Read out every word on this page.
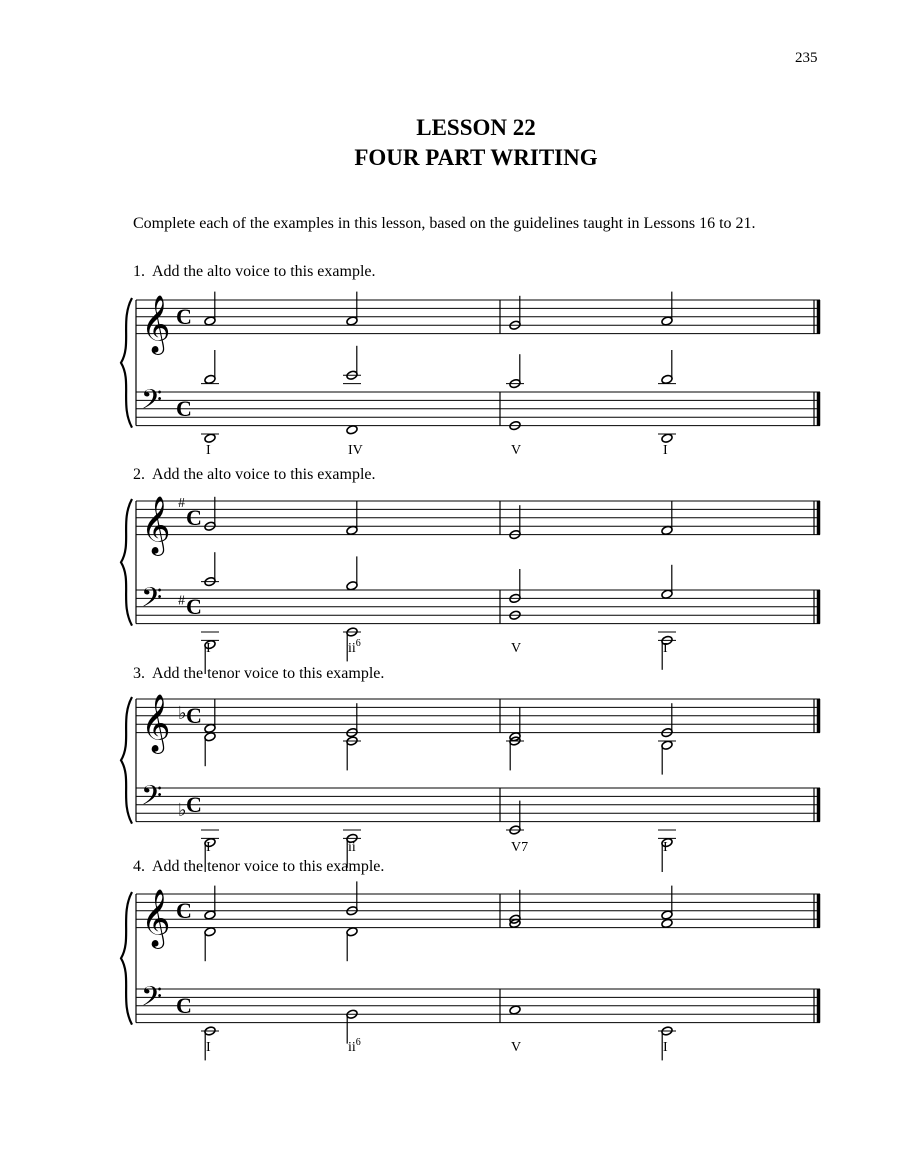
235
LESSON 22
FOUR PART WRITING
Complete each of the examples in this lesson, based on the guidelines taught in Lessons 16 to 21.
1. Add the alto voice to this example.
2. Add the alto voice to this example.
3. Add the tenor voice to this example.
4. Add the tenor voice to this example.
𝄞
𝄢
C
C
I	IV	V	I
𝄞
𝄢
#
#
C
C
I	$ii^6$	V	I
𝄞
𝄢
♭
♭
C
C
I	ii	V7	I
𝄞
𝄢
C
C
I	$ii^6$	V	I
